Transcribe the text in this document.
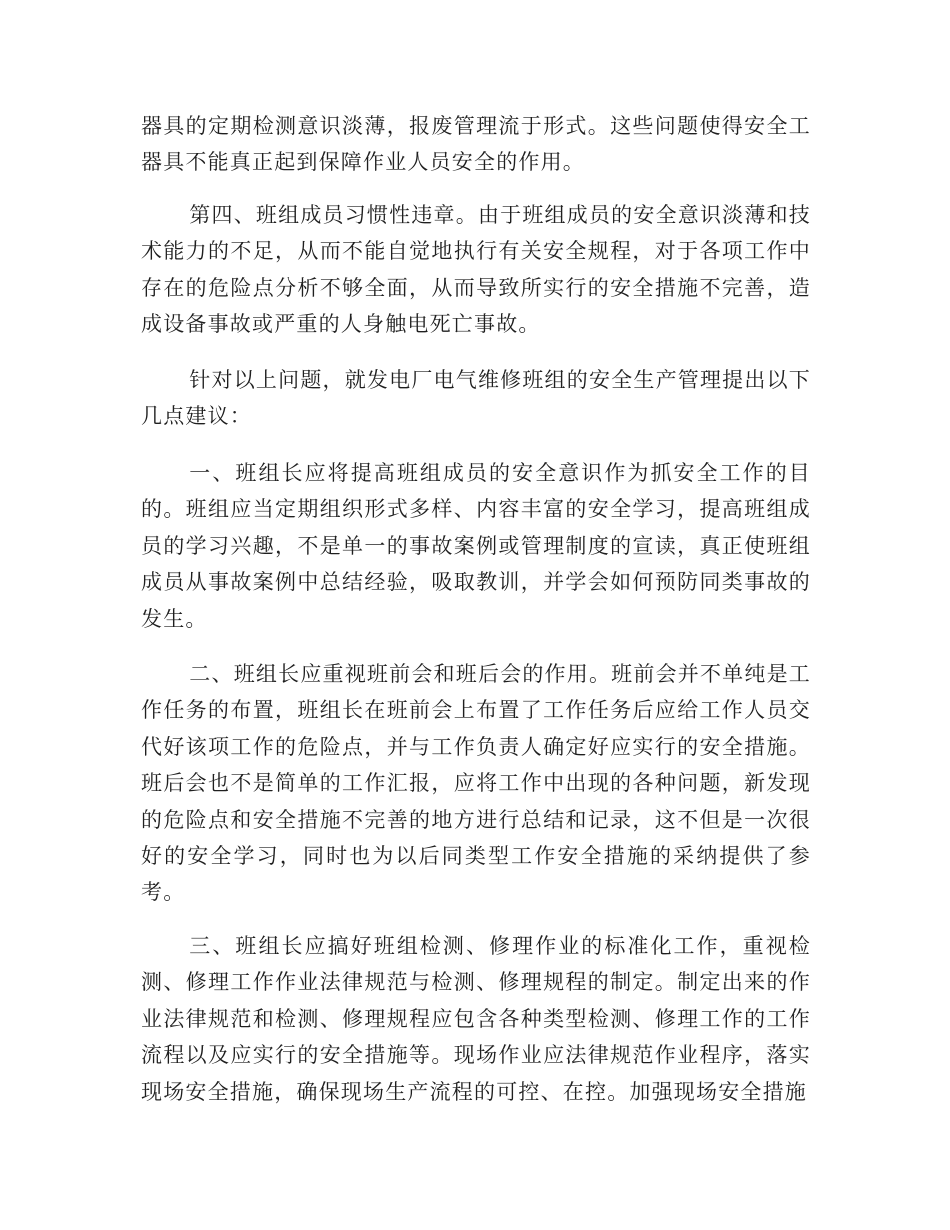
器具的定期检测意识淡薄，报废管理流于形式。这些问题使得安全工器具不能真正起到保障作业人员安全的作用。

第四、班组成员习惯性违章。由于班组成员的安全意识淡薄和技术能力的不足，从而不能自觉地执行有关安全规程，对于各项工作中存在的危险点分析不够全面，从而导致所实行的安全措施不完善，造成设备事故或严重的人身触电死亡事故。

针对以上问题，就发电厂电气维修班组的安全生产管理提出以下几点建议：

一、班组长应将提高班组成员的安全意识作为抓安全工作的目的。班组应当定期组织形式多样、内容丰富的安全学习，提高班组成员的学习兴趣，不是单一的事故案例或管理制度的宣读，真正使班组成员从事故案例中总结经验，吸取教训，并学会如何预防同类事故的发生。

二、班组长应重视班前会和班后会的作用。班前会并不单纯是工作任务的布置，班组长在班前会上布置了工作任务后应给工作人员交代好该项工作的危险点，并与工作负责人确定好应实行的安全措施。班后会也不是简单的工作汇报，应将工作中出现的各种问题，新发现的危险点和安全措施不完善的地方进行总结和记录，这不但是一次很好的安全学习，同时也为以后同类型工作安全措施的采纳提供了参考。

三、班组长应搞好班组检测、修理作业的标准化工作，重视检测、修理工作作业法律规范与检测、修理规程的制定。制定出来的作业法律规范和检测、修理规程应包含各种类型检测、修理工作的工作流程以及应实行的安全措施等。现场作业应法律规范作业程序，落实现场安全措施，确保现场生产流程的可控、在控。加强现场安全措施
